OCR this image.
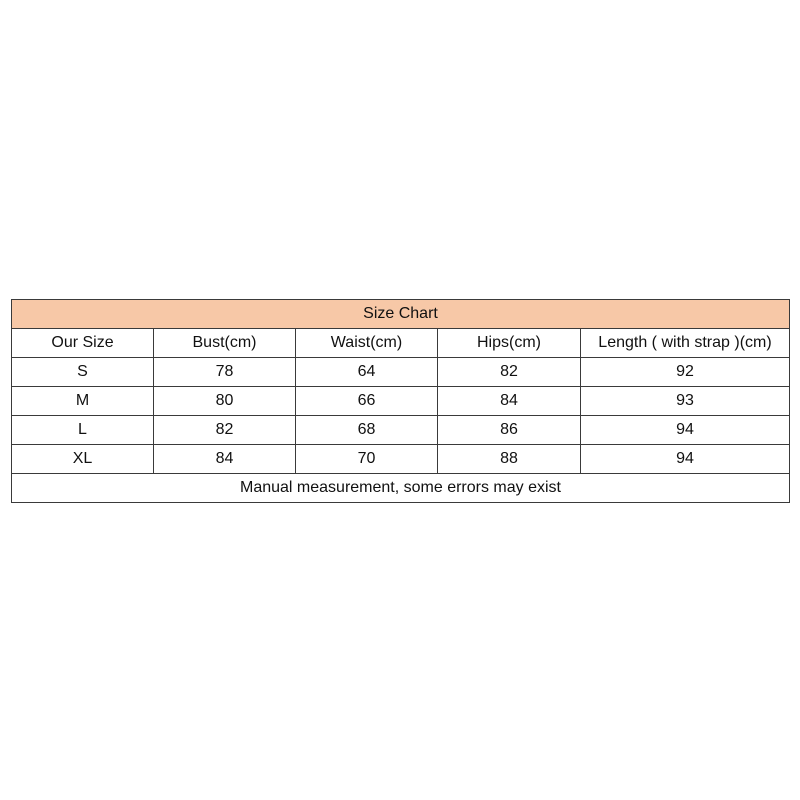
Size Chart				
Our Size	Bust(cm)	Waist(cm)	Hips(cm)	Length ( with strap )(cm)
S	78	64	82	92
M	80	66	84	93
L	82	68	86	94
XL	84	70	88	94
Manual measurement, some errors may exist				
